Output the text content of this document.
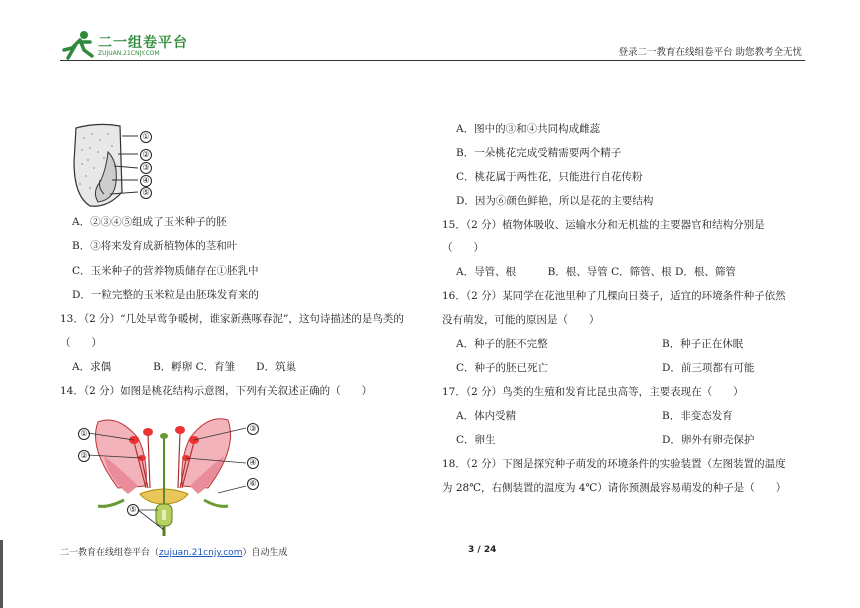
二一组卷平台
ZUJUAN.21CNJY.COM	登录二一教育在线组卷平台 助您教考全无忧
①
②
③
④
⑤
A．②③④⑤组成了玉米种子的胚
B．③将来发育成新植物体的茎和叶
C．玉米种子的营养物质储存在①胚乳中
D．一粒完整的玉米粒是由胚珠发育来的
13．（2 分）“几处早莺争暖树，谁家新燕啄春泥”，这句诗描述的是鸟类的
（　　）
A．求偶　　　　B．孵卵 C．育雏　　D．筑巢
14．（2 分）如图是桃花结构示意图，下列有关叙述正确的（　　）
①
②
③
④
⑤
⑥
A．图中的③和④共同构成雌蕊
B．一朵桃花完成受精需要两个精子
C．桃花属于两性花，只能进行自花传粉
D．因为⑥颜色鲜艳，所以是花的主要结构
15．（2 分）植物体吸收、运输水分和无机盐的主要器官和结构分别是
（　　）
A．导管、根　　　B．根、导管 C．筛管、根 D．根、筛管
16．（2 分）某同学在花池里种了几棵向日葵子，适宜的环境条件种子依然
没有萌发，可能的原因是（　　）
A．种子的胚不完整	B．种子正在休眠
C．种子的胚已死亡	D．前三项都有可能
17．（2 分）鸟类的生殖和发育比昆虫高等，主要表现在（　　）
A．体内受精	B．非变态发育
C．卵生	D．卵外有卵壳保护
18．（2 分）下图是探究种子萌发的环境条件的实验装置（左图装置的温度
为 28℃，右侧装置的温度为 4℃）请你预测最容易萌发的种子是（　　）
二一教育在线组卷平台（zujuan.21cnjy.com）自动生成	3 / 24
